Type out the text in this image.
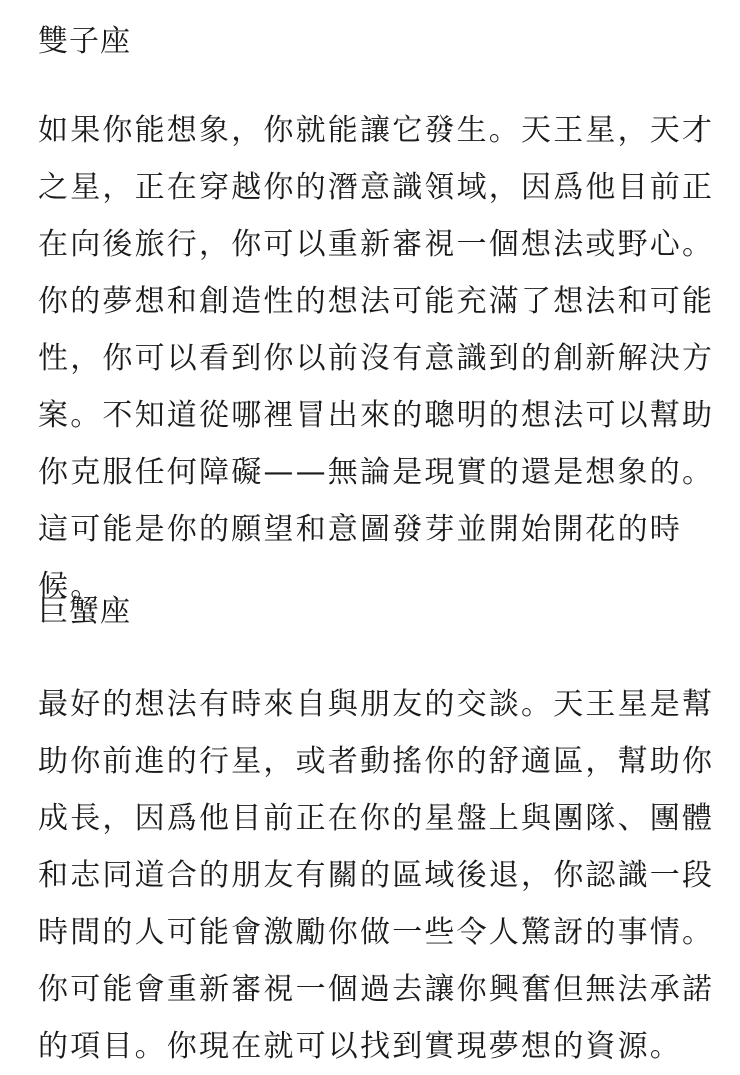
雙子座
如果你能想象，你就能讓它發生。天王星，天才
之星，正在穿越你的潛意識領域，因爲他目前正
在向後旅行，你可以重新審視一個想法或野心。
你的夢想和創造性的想法可能充滿了想法和可能
性，你可以看到你以前沒有意識到的創新解決方
案。不知道從哪裡冒出來的聰明的想法可以幫助
你克服任何障礙——無論是現實的還是想象的。
這可能是你的願望和意圖發芽並開始開花的時
候。
巨蟹座
最好的想法有時來自與朋友的交談。天王星是幫
助你前進的行星，或者動搖你的舒適區，幫助你
成長，因爲他目前正在你的星盤上與團隊、團體
和志同道合的朋友有關的區域後退，你認識一段
時間的人可能會激勵你做一些令人驚訝的事情。
你可能會重新審視一個過去讓你興奮但無法承諾
的項目。你現在就可以找到實現夢想的資源。
